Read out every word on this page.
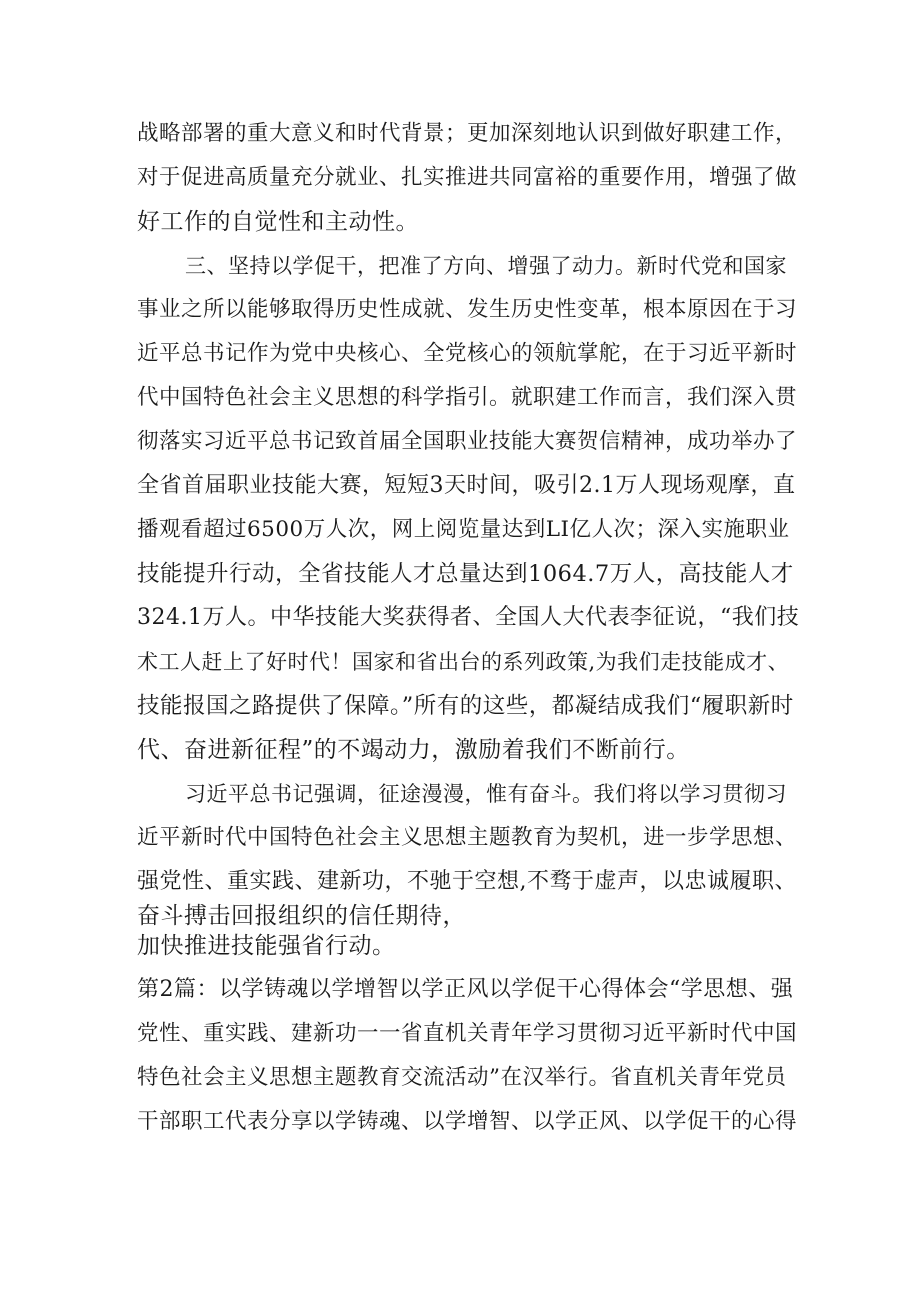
战略部署的重大意义和时代背景；更加深刻地认识到做好职建工作，
对于促进高质量充分就业、扎实推进共同富裕的重要作用，增强了做
好工作的自觉性和主动性。
三、坚持以学促干，把准了方向、增强了动力。新时代党和国家
事业之所以能够取得历史性成就、发生历史性变革，根本原因在于习
近平总书记作为党中央核心、全党核心的领航掌舵，在于习近平新时
代中国特色社会主义思想的科学指引。就职建工作而言，我们深入贯
彻落实习近平总书记致首届全国职业技能大赛贺信精神，成功举办了
全省首届职业技能大赛，短短3天时间，吸引2.1万人现场观摩，直
播观看超过6500万人次，网上阅览量达到LI亿人次；深入实施职业
技能提升行动，全省技能人才总量达到1064.7万人，高技能人才
324.1万人。中华技能大奖获得者、全国人大代表李征说，“我们技
术工人赶上了好时代！国家和省出台的系列政策,为我们走技能成才、
技能报国之路提供了保障。”所有的这些，都凝结成我们“履职新时
代、奋进新征程”的不竭动力，激励着我们不断前行。
习近平总书记强调，征途漫漫，惟有奋斗。我们将以学习贯彻习
近平新时代中国特色社会主义思想主题教育为契机，进一步学思想、
强党性、重实践、建新功，不驰于空想,不骛于虚声，以忠诚履职、
奋斗搏击回报组织的信任期待，
加快推进技能强省行动。
第2篇：以学铸魂以学增智以学正风以学促干心得体会“学思想、强
党性、重实践、建新功一一省直机关青年学习贯彻习近平新时代中国
特色社会主义思想主题教育交流活动”在汉举行。省直机关青年党员
干部职工代表分享以学铸魂、以学增智、以学正风、以学促干的心得
